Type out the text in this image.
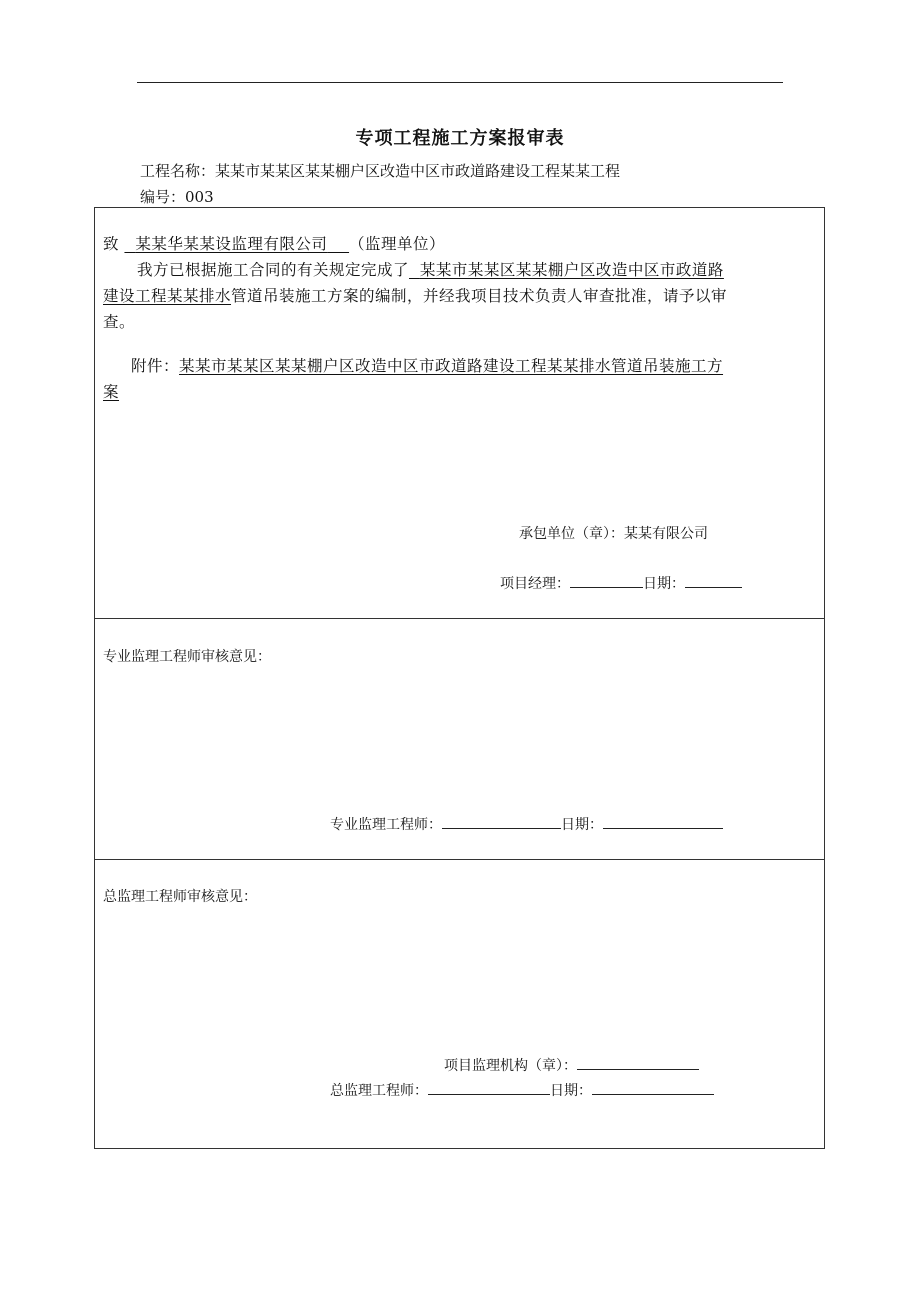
专项工程施工方案报审表
工程名称：某某市某某区某某棚户区改造中区市政道路建设工程某某工程
编号：003
致 某某华某某设监理有限公司 （监理单位）
我方已根据施工合同的有关规定完成了 某某市某某区某某棚户区改造中区市政道路
建设工程某某排水管道吊装施工方案的编制，并经我项目技术负责人审查批准，请予以审
查。
附件：某某市某某区某某棚户区改造中区市政道路建设工程某某排水管道吊装施工方
案
承包单位（章）：某某有限公司
项目经理：	日期：
专业监理工程师审核意见：
专业监理工程师：	日期：
总监理工程师审核意见：
项目监理机构（章）：
总监理工程师：	日期：
